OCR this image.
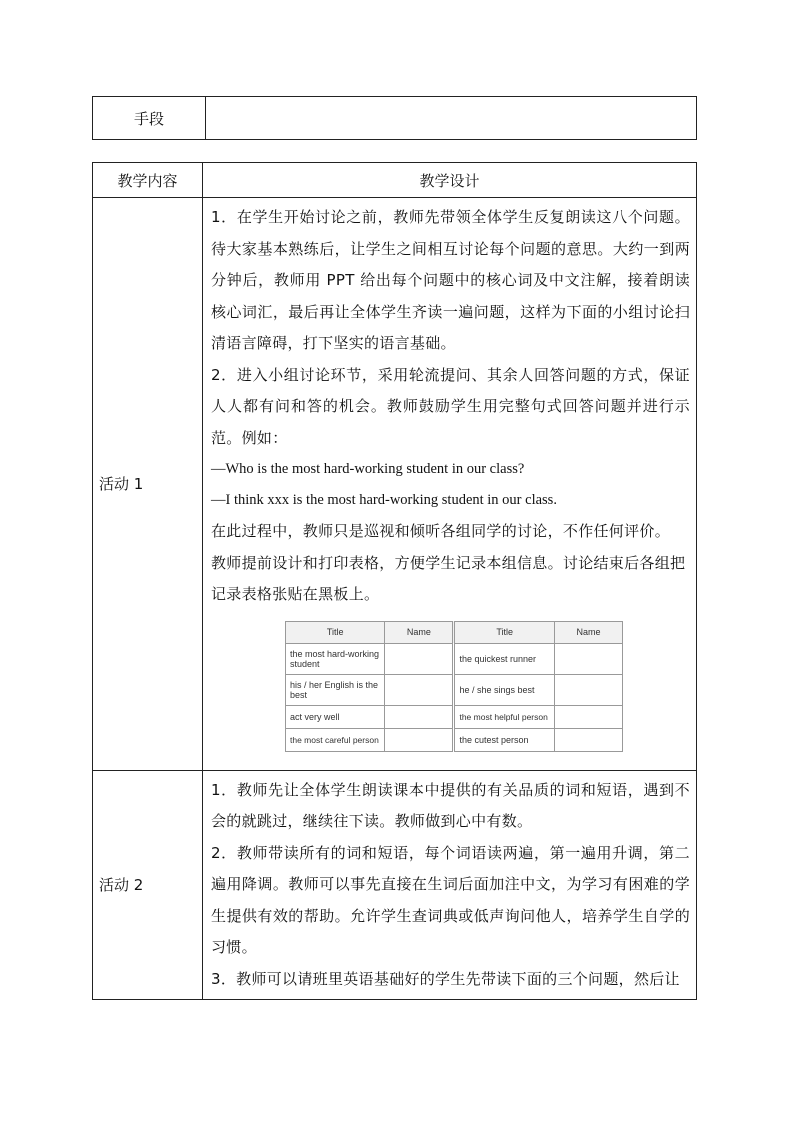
手段	
教学内容	教学设计
活动 1	
1．在学生开始讨论之前，教师先带领全体学生反复朗读这八个问题。待大家基本熟练后，让学生之间相互讨论每个问题的意思。大约一到两分钟后，教师用 PPT 给出每个问题中的核心词及中文注解，接着朗读核心词汇，最后再让全体学生齐读一遍问题，这样为下面的小组讨论扫清语言障碍，打下坚实的语言基础。
2．进入小组讨论环节，采用轮流提问、其余人回答问题的方式，保证人人都有问和答的机会。教师鼓励学生用完整句式回答问题并进行示范。例如：
—Who is the most hard-working student in our class?
—I think xxx is the most hard-working student in our class.
在此过程中，教师只是巡视和倾听各组同学的讨论，不作任何评价。
教师提前设计和打印表格，方便学生记录本组信息。讨论结束后各组把
记录表格张贴在黑板上。
Title	Name	Title	Name
the most hard-working student		the quickest runner	
his / her English is the best		he / she sings best	
act very well		the most helpful person	
the most careful person		the cutest person	

活动 2	
1．教师先让全体学生朗读课本中提供的有关品质的词和短语，遇到不会的就跳过，继续往下读。教师做到心中有数。
2．教师带读所有的词和短语，每个词语读两遍，第一遍用升调，第二遍用降调。教师可以事先直接在生词后面加注中文，为学习有困难的学生提供有效的帮助。允许学生查词典或低声询问他人，培养学生自学的习惯。
3．教师可以请班里英语基础好的学生先带读下面的三个问题，然后让
